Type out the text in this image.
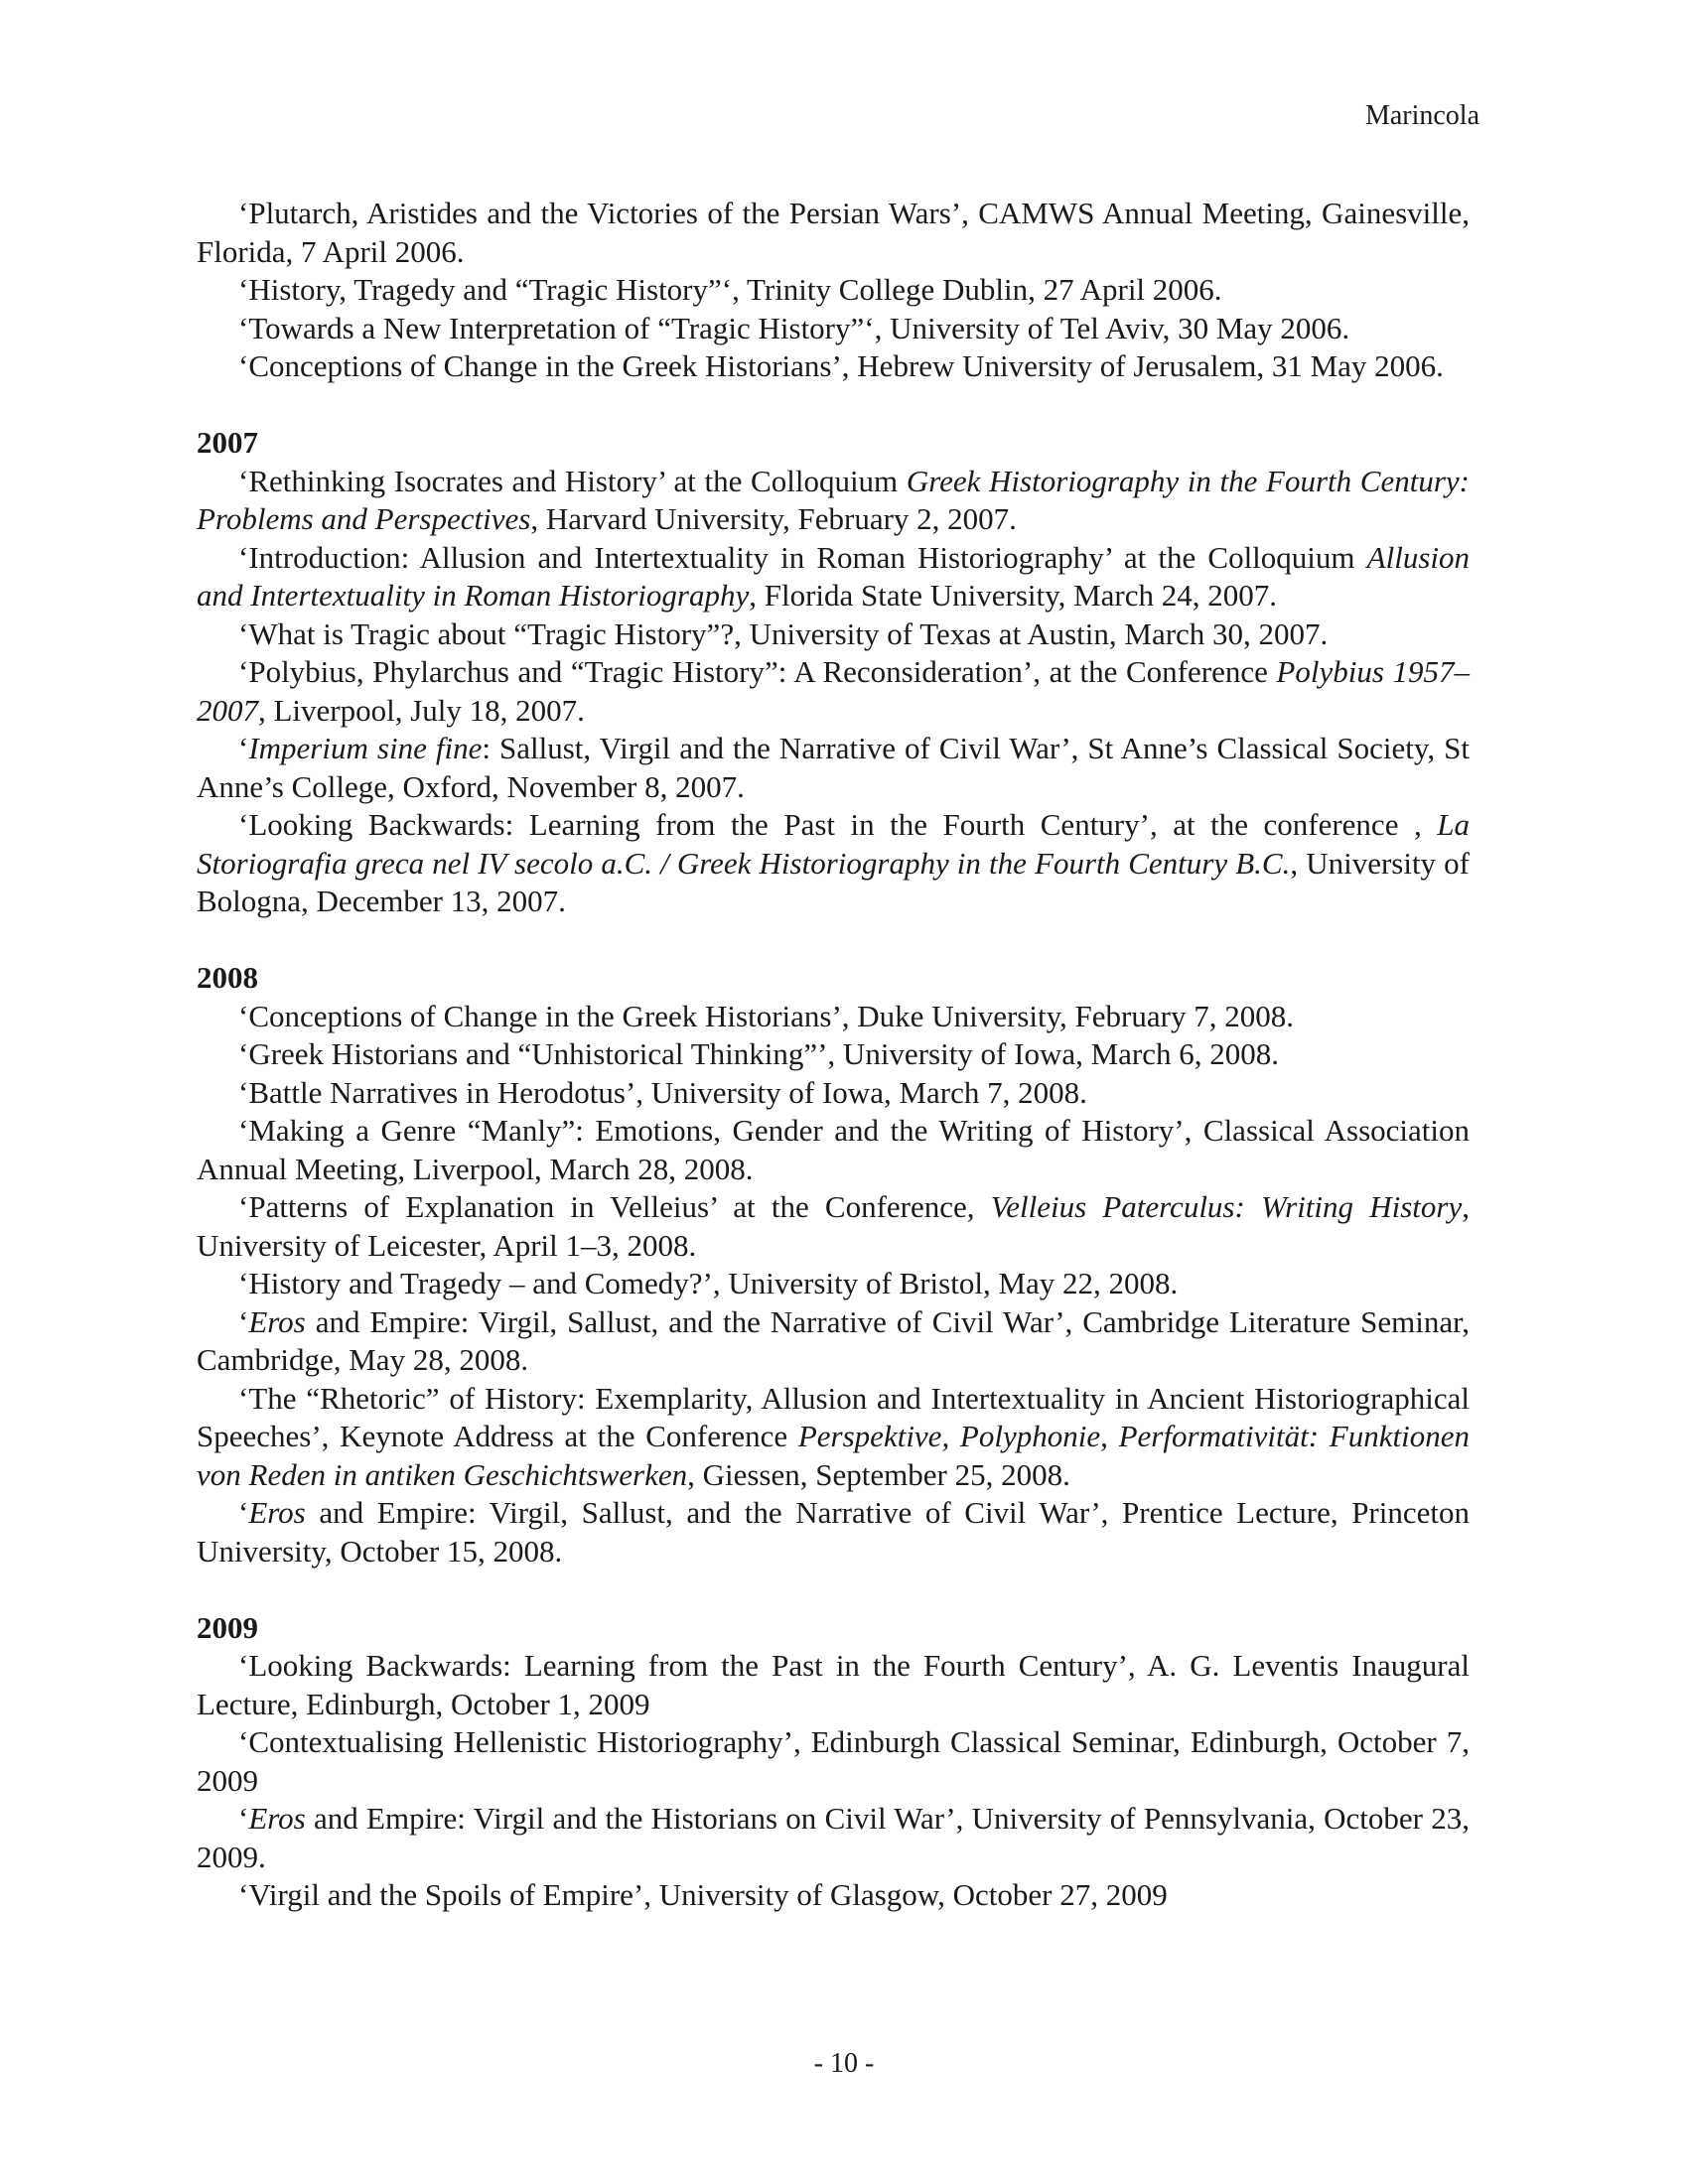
Marincola

‘Plutarch, Aristides and the Victories of the Persian Wars’, CAMWS Annual Meeting, Gainesville, Florida, 7 April 2006.

‘History, Tragedy and “Tragic History”‘, Trinity College Dublin, 27 April 2006.

‘Towards a New Interpretation of “Tragic History”‘, University of Tel Aviv, 30 May 2006.

‘Conceptions of Change in the Greek Historians’, Hebrew University of Jerusalem, 31 May 2006.

2007

‘Rethinking Isocrates and History’ at the Colloquium Greek Historiography in the Fourth Century: Problems and Perspectives, Harvard University, February 2, 2007.

‘Introduction: Allusion and Intertextuality in Roman Historiography’ at the Colloquium Allusion and Intertextuality in Roman Historiography, Florida State University, March 24, 2007.

‘What is Tragic about “Tragic History”?, University of Texas at Austin, March 30, 2007.

‘Polybius, Phylarchus and “Tragic History”: A Reconsideration’, at the Conference Polybius 1957–2007, Liverpool, July 18, 2007.

‘Imperium sine fine: Sallust, Virgil and the Narrative of Civil War’, St Anne’s Classical Society, St Anne’s College, Oxford, November 8, 2007.

‘Looking Backwards: Learning from the Past in the Fourth Century’, at the conference , La Storiografia greca nel IV secolo a.C. / Greek Historiography in the Fourth Century B.C., University of Bologna, December 13, 2007.

2008

‘Conceptions of Change in the Greek Historians’, Duke University, February 7, 2008.

‘Greek Historians and “Unhistorical Thinking”’, University of Iowa, March 6, 2008.

‘Battle Narratives in Herodotus’, University of Iowa, March 7, 2008.

‘Making a Genre “Manly”: Emotions, Gender and the Writing of History’, Classical Association Annual Meeting, Liverpool, March 28, 2008.

‘Patterns of Explanation in Velleius’ at the Conference, Velleius Paterculus: Writing History, University of Leicester, April 1–3, 2008.

‘History and Tragedy – and Comedy?’, University of Bristol, May 22, 2008.

‘Eros and Empire: Virgil, Sallust, and the Narrative of Civil War’, Cambridge Literature Seminar, Cambridge, May 28, 2008.

‘The “Rhetoric” of History: Exemplarity, Allusion and Intertextuality in Ancient Historiographical Speeches’, Keynote Address at the Conference Perspektive, Polyphonie, Performativität: Funktionen von Reden in antiken Geschichtswerken, Giessen, September 25, 2008.

‘Eros and Empire: Virgil, Sallust, and the Narrative of Civil War’, Prentice Lecture, Princeton University, October 15, 2008.

2009

‘Looking Backwards: Learning from the Past in the Fourth Century’, A. G. Leventis Inaugural Lecture, Edinburgh, October 1, 2009

‘Contextualising Hellenistic Historiography’, Edinburgh Classical Seminar, Edinburgh, October 7, 2009

‘Eros and Empire: Virgil and the Historians on Civil War’, University of Pennsylvania, October 23, 2009.

‘Virgil and the Spoils of Empire’, University of Glasgow, October 27, 2009

- 10 -
